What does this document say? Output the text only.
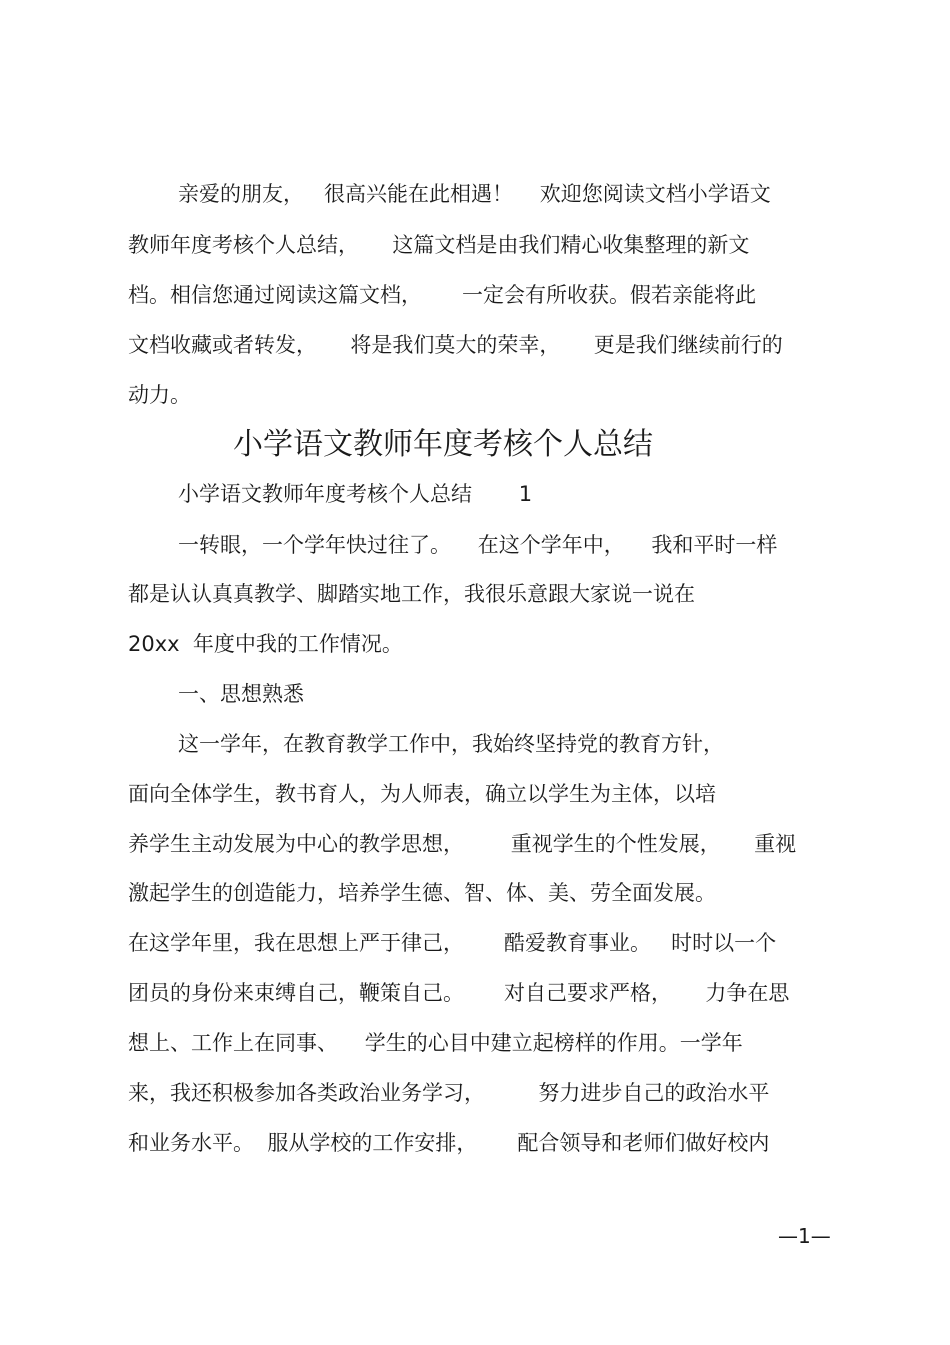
亲爱的朋友，   很高兴能在此相遇！    欢迎您阅读文档小学语文
教师年度考核个人总结，     这篇文档是由我们精心收集整理的新文
档。相信您通过阅读这篇文档，      一定会有所收获。假若亲能将此
文档收藏或者转发，     将是我们莫大的荣幸，     更是我们继续前行的
动力。
小学语文教师年度考核个人总结
小学语文教师年度考核个人总结       1
一转眼，一个学年快过往了。    在这个学年中，    我和平时一样
都是认认真真教学、脚踏实地工作，我很乐意跟大家说一说在
20xx  年度中我的工作情况。
一、思想熟悉
这一学年，在教育教学工作中，我始终坚持党的教育方针，
面向全体学生，教书育人，为人师表，确立以学生为主体，以培
养学生主动发展为中心的教学思想，       重视学生的个性发展，     重视
激起学生的创造能力，培养学生德、智、体、美、劳全面发展。
在这学年里，我在思想上严于律己，      酷爱教育事业。   时时以一个
团员的身份来束缚自己，鞭策自己。      对自己要求严格，     力争在思
想上、工作上在同事、    学生的心目中建立起榜样的作用。一学年
来，我还积极参加各类政治业务学习，        努力进步自己的政治水平
和业务水平。  服从学校的工作安排，      配合领导和老师们做好校内
—1—
